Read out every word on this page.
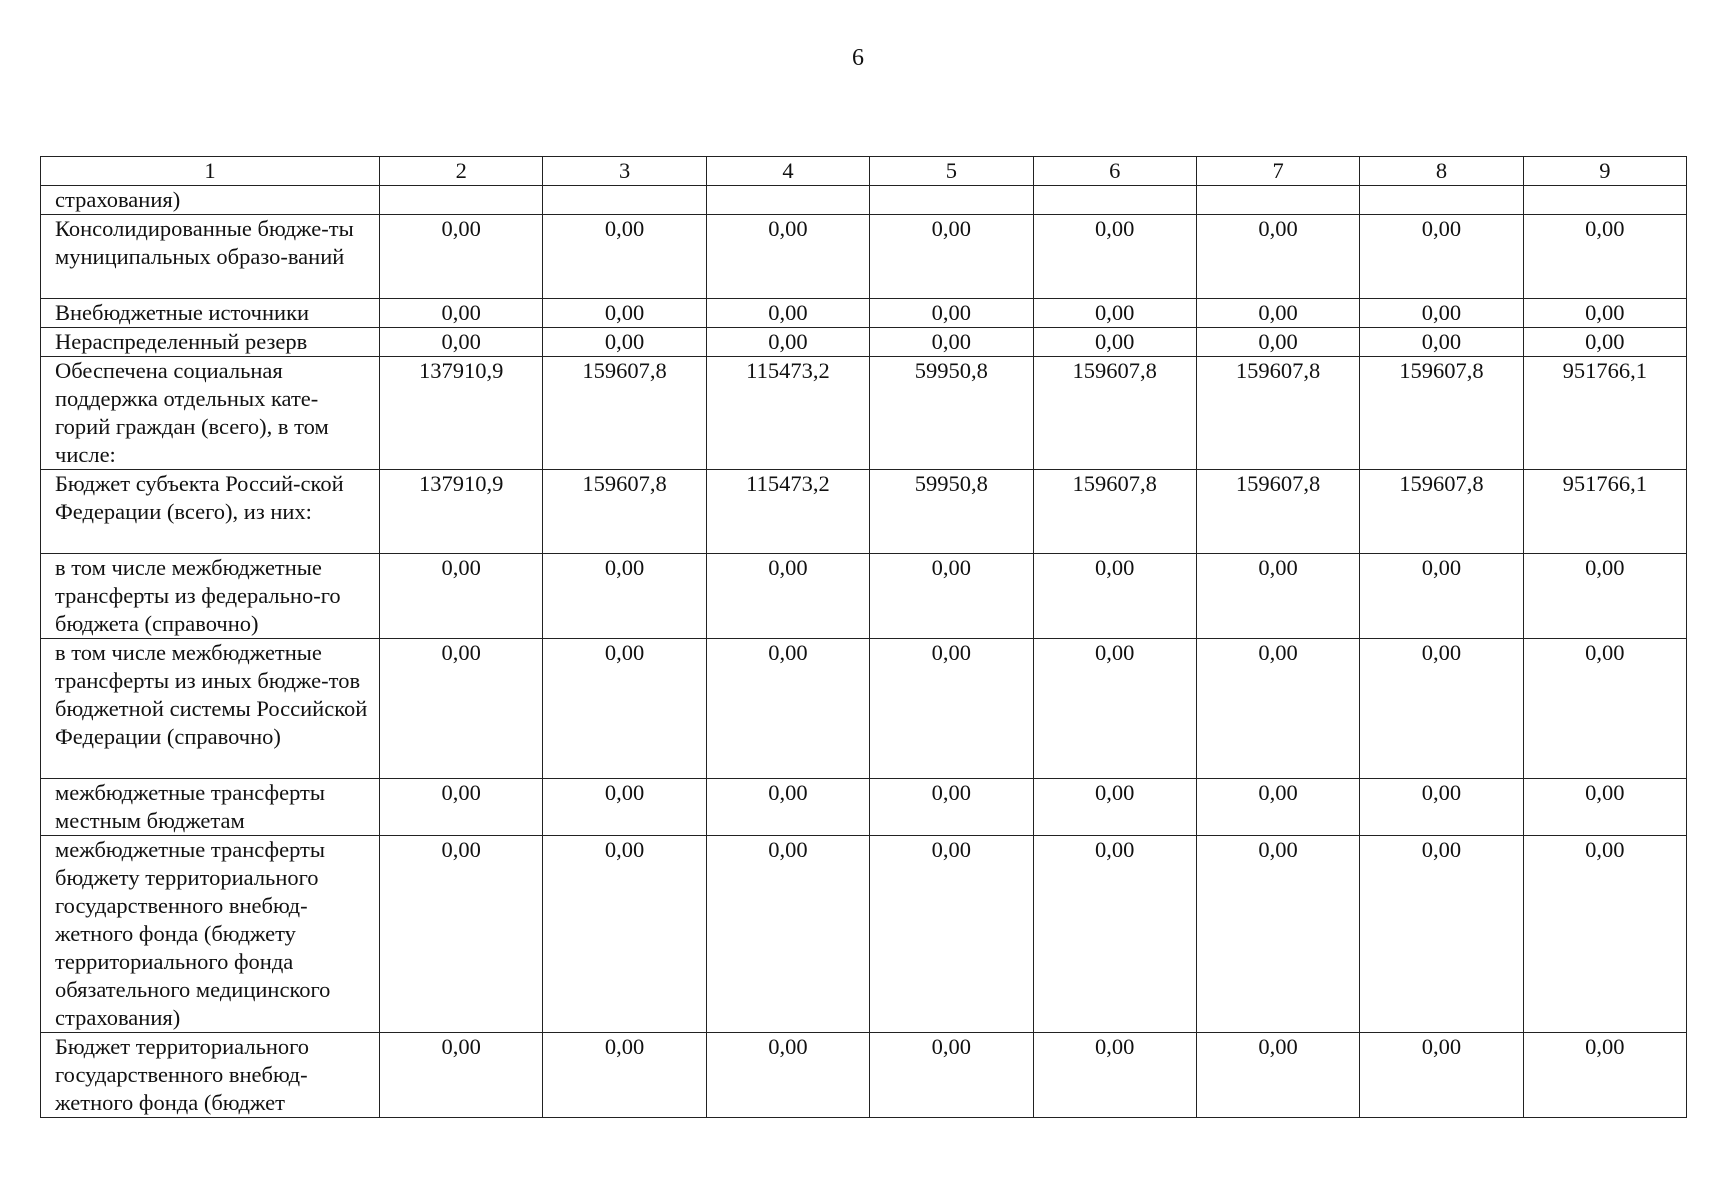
6
1	2	3	4	5	6	7	8	9
страхования)								
Консолидированные бюдже-ты муниципальных образо-ваний	0,00	0,00	0,00	0,00	0,00	0,00	0,00	0,00
Внебюджетные источники	0,00	0,00	0,00	0,00	0,00	0,00	0,00	0,00
Нераспределенный резерв	0,00	0,00	0,00	0,00	0,00	0,00	0,00	0,00
Обеспечена социальная поддержка отдельных кате-горий граждан (всего), в том числе:	137910,9	159607,8	115473,2	59950,8	159607,8	159607,8	159607,8	951766,1
Бюджет субъекта Россий-ской Федерации (всего), из них:	137910,9	159607,8	115473,2	59950,8	159607,8	159607,8	159607,8	951766,1
в том числе межбюджетные трансферты из федерально-го бюджета (справочно)	0,00	0,00	0,00	0,00	0,00	0,00	0,00	0,00
в том числе межбюджетные трансферты из иных бюдже-тов бюджетной системы Российской Федерации (справочно)	0,00	0,00	0,00	0,00	0,00	0,00	0,00	0,00
межбюджетные трансферты местным бюджетам	0,00	0,00	0,00	0,00	0,00	0,00	0,00	0,00
межбюджетные трансферты бюджету территориального государственного внебюд-жетного фонда (бюджету территориального фонда обязательного медицинского страхования)	0,00	0,00	0,00	0,00	0,00	0,00	0,00	0,00
Бюджет территориального государственного внебюд-жетного фонда (бюджет	0,00	0,00	0,00	0,00	0,00	0,00	0,00	0,00
